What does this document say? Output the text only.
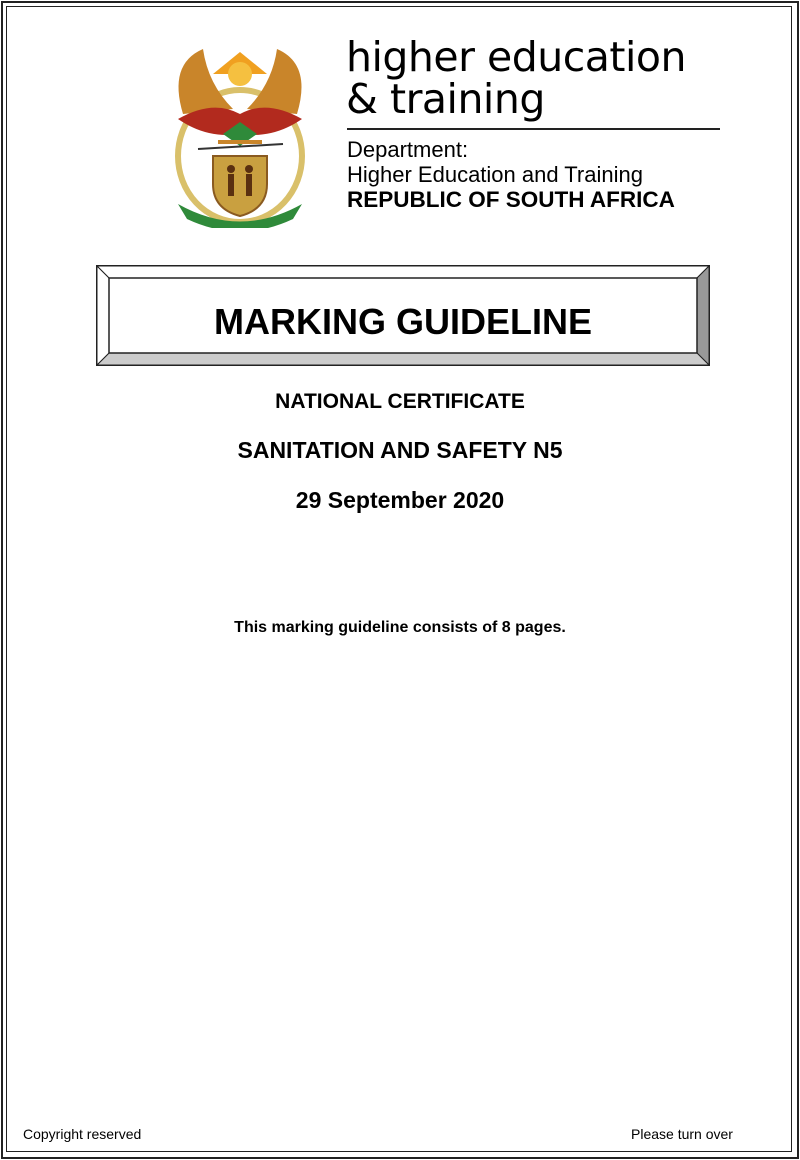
higher education
& training
Department:
Higher Education and Training
REPUBLIC OF SOUTH AFRICA
MARKING GUIDELINE
NATIONAL CERTIFICATE
SANITATION AND SAFETY N5
29 September 2020
This marking guideline consists of 8 pages.
Copyright reserved	Please turn over
